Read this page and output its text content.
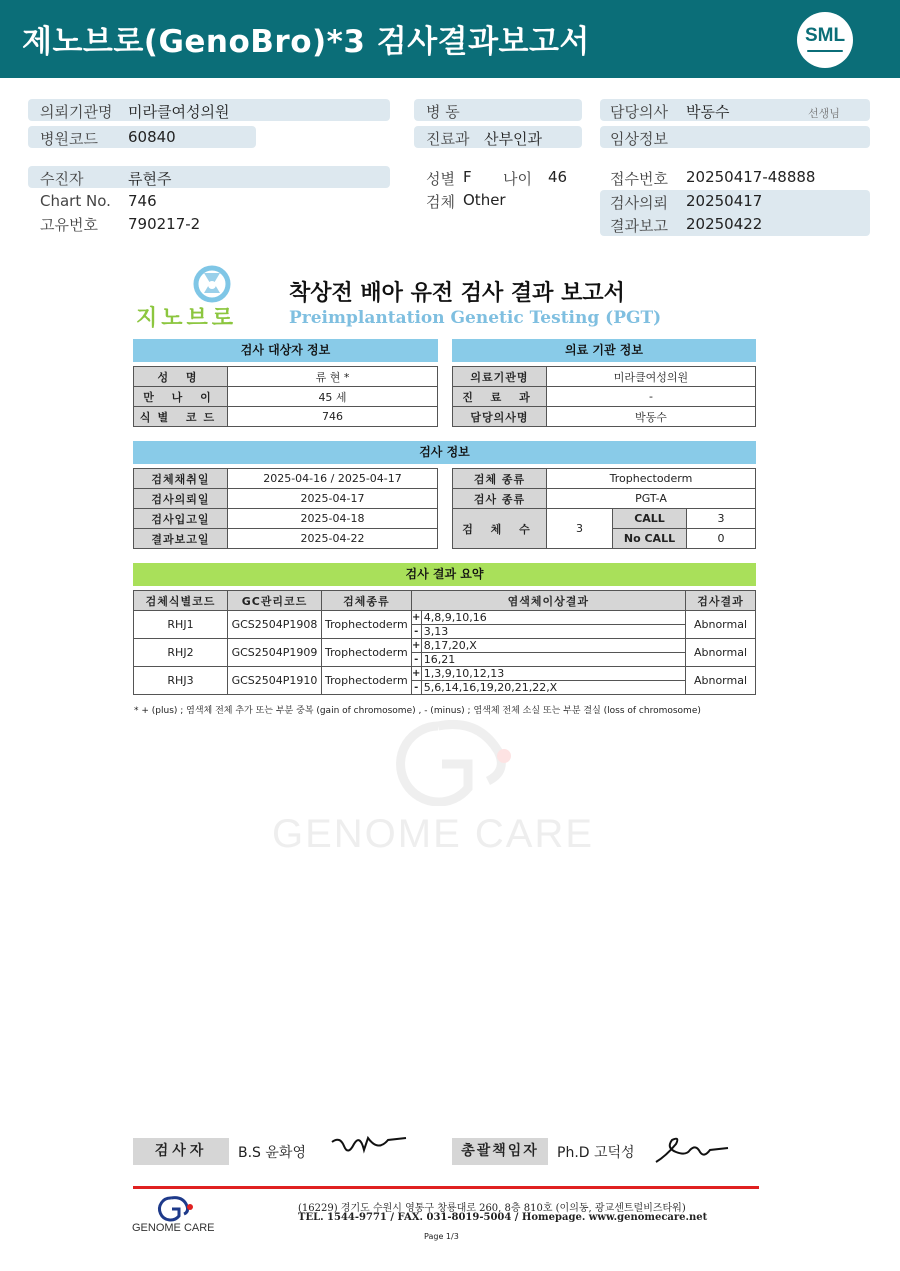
제노브로(GenoBro)*3 검사결과보고서	SML
의뢰기관명 미라클여성의원
병원코드 60840
병 동
진료과 산부인과
담당의사 박동수	선생님
임상정보
수진자	류현주
Chart No. 746
고유번호 790217-2
성별 F 나이 46
검체 Other
접수번호 20250417-48888
검사의뢰 20250417
결과보고 20250422
지노브로
착상전 배아 유전 검사 결과 보고서
Preimplantation Genetic Testing (PGT)
검사 대상자 정보
성 명	류 현 *
만 나 이	45 세
식별 코드	746
의료 기관 정보
의료기관명	미라클여성의원
진 료 과	-
담당의사명	박동수
검사 정보
검체채취일	2025-04-16 / 2025-04-17
검사의뢰일	2025-04-17
검사입고일	2025-04-18
결과보고일	2025-04-22
검체 종류	Trophectoderm		
검사 종류	PGT-A		
검 체 수	3	CALL	3
		No CALL	0
검사 결과 요약
검체식별코드	GC관리코드	검체종류	염색체이상결과		검사결과
RHJ1	GCS2504P1908	Trophectoderm	+	4,8,9,10,16	Abnormal
			-	3,13	
RHJ2	GCS2504P1909	Trophectoderm	+	8,17,20,X	Abnormal
			-	16,21	
RHJ3	GCS2504P1910	Trophectoderm	+	1,3,9,10,12,13	Abnormal
			-	5,6,14,16,19,20,21,22,X	
* + (plus) ; 염색체 전체 추가 또는 부분 중복 (gain of chromosome) , - (minus) ; 염색체 전체 소실 또는 부분 결실 (loss of chromosome)
GENOME CARE
검사자	B.S 윤화영	총괄책임자	Ph.D 고덕성
GENOME CARE
(16229) 경기도 수원시 영통구 창룡대로 260, 8층 810호 (이의동, 광교센트럴비즈타워)
TEL. 1544-9771 / FAX. 031-8019-5004 / Homepage. www.genomecare.net
Page 1/3
